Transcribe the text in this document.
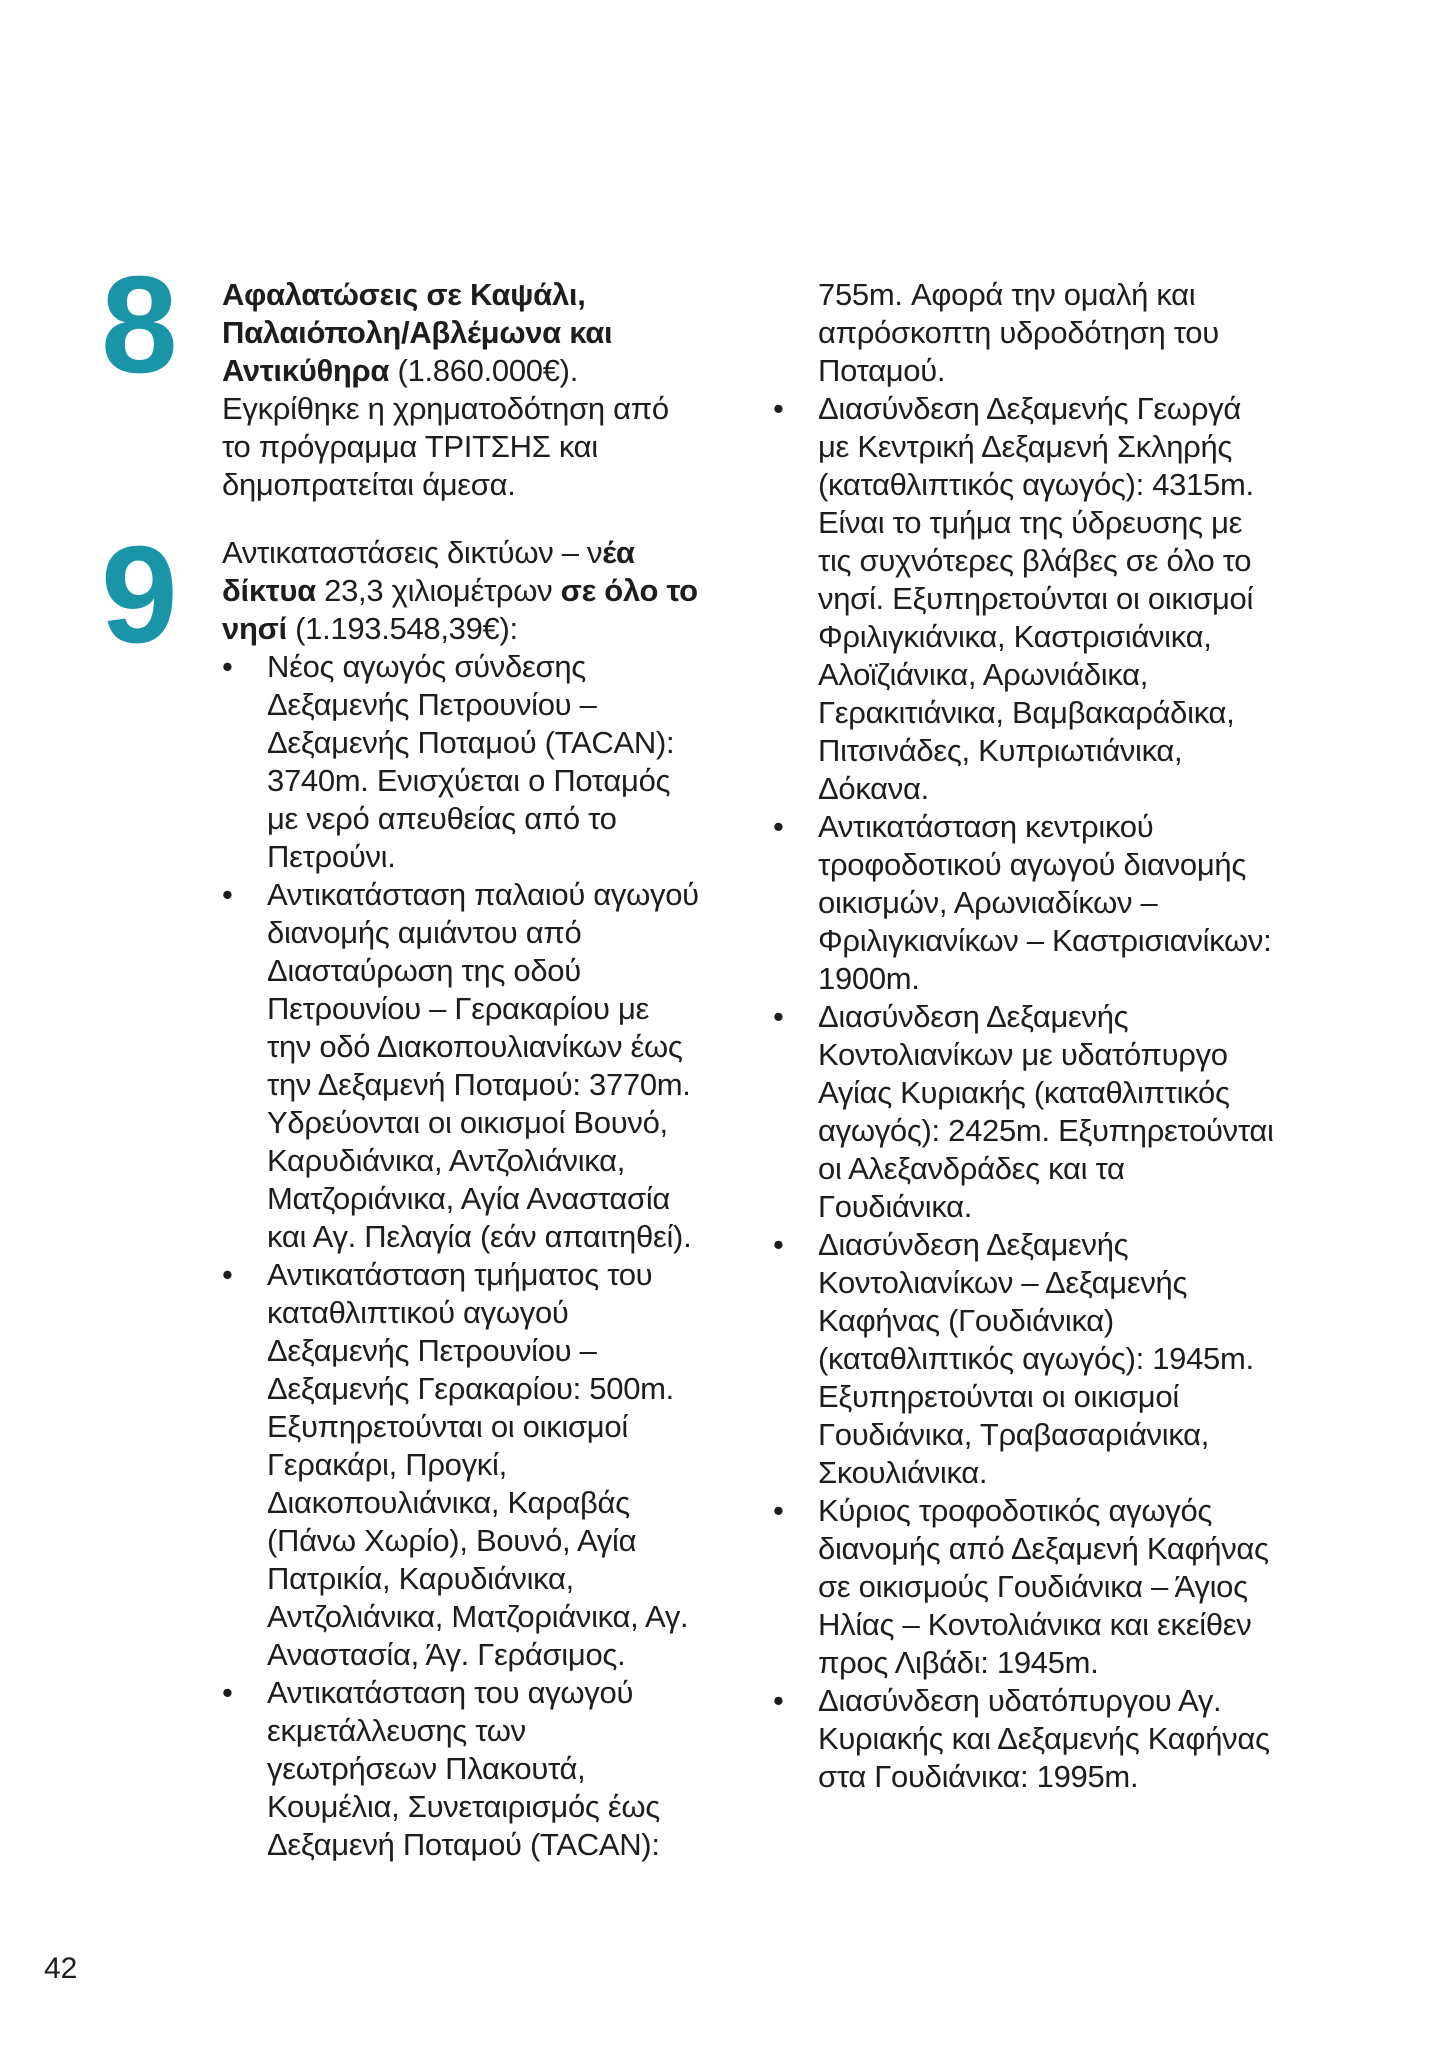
8 Αφαλατώσεις σε Καψάλι, Παλαιόπολη/Αβλέμωνα και Αντικύθηρα (1.860.000€). Εγκρίθηκε η χρηματοδότηση από το πρόγραμμα ΤΡΙΤΣΗΣ και δημοπρατείται άμεσα.

9 Αντικαταστάσεις δικτύων – νέα δίκτυα 23,3 χιλιομέτρων σε όλο το νησί (1.193.548,39€):

•	Νέος αγωγός σύνδεσης Δεξαμενής Πετρουνίου – Δεξαμενής Ποταμού (TACAN): 3740m. Ενισχύεται ο Ποταμός με νερό απευθείας από το Πετρούνι.
•	Αντικατάσταση παλαιού αγωγού διανομής αμιάντου από Διασταύρωση της οδού Πετρουνίου – Γερακαρίου με την οδό Διακοπουλιανίκων έως την Δεξαμενή Ποταμού: 3770m. Υδρεύονται οι οικισμοί Βουνό, Καρυδιάνικα, Αντζολιάνικα, Ματζοριάνικα, Αγία Αναστασία και Αγ. Πελαγία (εάν απαιτηθεί).
•	Αντικατάσταση τμήματος του καταθλιπτικού αγωγού Δεξαμενής Πετρουνίου – Δεξαμενής Γερακαρίου: 500m. Εξυπηρετούνται οι οικισμοί Γερακάρι, Προγκί, Διακοπουλιάνικα, Καραβάς (Πάνω Χωρίο), Βουνό, Αγία Πατρικία, Καρυδιάνικα, Αντζολιάνικα, Ματζοριάνικα, Αγ. Αναστασία, Άγ. Γεράσιμος.
•	Αντικατάσταση του αγωγού εκμετάλλευσης των γεωτρήσεων Πλακουτά, Κουμέλια, Συνεταιρισμός έως Δεξαμενή Ποταμού (TACAN):

755m. Αφορά την ομαλή και απρόσκοπτη υδροδότηση του Ποταμού.

•	Διασύνδεση Δεξαμενής Γεωργά με Κεντρική Δεξαμενή Σκληρής (καταθλιπτικός αγωγός): 4315m. Είναι το τμήμα της ύδρευσης με τις συχνότερες βλάβες σε όλο το νησί. Εξυπηρετούνται οι οικισμοί Φριλιγκιάνικα, Καστρισιάνικα, Αλοϊζιάνικα, Αρωνιάδικα, Γερακιτιάνικα, Βαμβακαράδικα, Πιτσινάδες, Κυπριωτιάνικα, Δόκανα.
•	Αντικατάσταση κεντρικού τροφοδοτικού αγωγού διανομής οικισμών, Αρωνιαδίκων – Φριλιγκιανίκων – Καστρισιανίκων: 1900m.
•	Διασύνδεση Δεξαμενής Κοντολιανίκων με υδατόπυργο Αγίας Κυριακής (καταθλιπτικός αγωγός): 2425m. Εξυπηρετούνται οι Αλεξανδράδες και τα Γουδιάνικα.
•	Διασύνδεση Δεξαμενής Κοντολιανίκων – Δεξαμενής Καφήνας (Γουδιάνικα) (καταθλιπτικός αγωγός): 1945m. Εξυπηρετούνται οι οικισμοί Γουδιάνικα, Τραβασαριάνικα, Σκουλιάνικα.
•	Κύριος τροφοδοτικός αγωγός διανομής από Δεξαμενή Καφήνας σε οικισμούς Γουδιάνικα – Άγιος Ηλίας – Κοντολιάνικα και εκείθεν προς Λιβάδι: 1945m.
•	Διασύνδεση υδατόπυργου Αγ. Κυριακής και Δεξαμενής Καφήνας στα Γουδιάνικα: 1995m.
42
